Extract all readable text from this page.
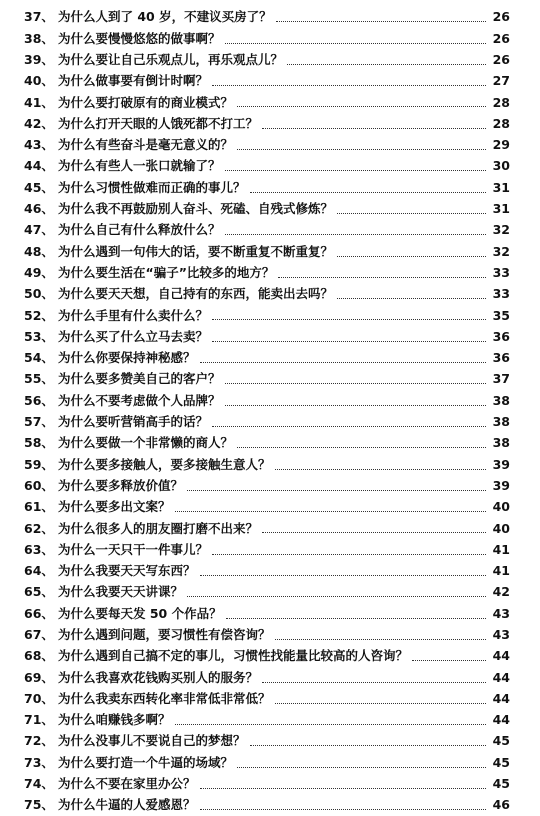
37、 为什么人到了 40 岁，不建议买房了？	26
38、 为什么要慢慢悠悠的做事啊？	26
39、 为什么要让自己乐观点儿，再乐观点儿？	26
40、 为什么做事要有倒计时啊？	27
41、 为什么要打破原有的商业模式？	28
42、 为什么打开天眼的人饿死都不打工？	28
43、 为什么有些奋斗是毫无意义的？	29
44、 为什么有些人一张口就输了？	30
45、 为什么习惯性做难而正确的事儿？	31
46、 为什么我不再鼓励别人奋斗、死磕、自残式修炼？	31
47、 为什么自己有什么释放什么？	32
48、 为什么遇到一句伟大的话，要不断重复不断重复？	32
49、 为什么要生活在“骗子”比较多的地方？	33
50、 为什么要天天想，自己持有的东西，能卖出去吗？	33
52、 为什么手里有什么卖什么？	35
53、 为什么买了什么立马去卖？	36
54、 为什么你要保持神秘感？	36
55、 为什么要多赞美自己的客户？	37
56、 为什么不要考虑做个人品牌？	38
57、 为什么要听营销高手的话？	38
58、 为什么要做一个非常懒的商人？	38
59、 为什么要多接触人，要多接触生意人？	39
60、 为什么要多释放价值？	39
61、 为什么要多出文案？	40
62、 为什么很多人的朋友圈打磨不出来？	40
63、 为什么一天只干一件事儿？	41
64、 为什么我要天天写东西？	41
65、 为什么我要天天讲课？	42
66、 为什么要每天发 50 个作品？	43
67、 为什么遇到问题，要习惯性有偿咨询？	43
68、 为什么遇到自己搞不定的事儿，习惯性找能量比较高的人咨询？	44
69、 为什么我喜欢花钱购买别人的服务？	44
70、 为什么我卖东西转化率非常低非常低？	44
71、 为什么咱赚钱多啊？	44
72、 为什么没事儿不要说自己的梦想？	45
73、 为什么要打造一个牛逼的场域？	45
74、 为什么不要在家里办公？	45
75、 为什么牛逼的人爱感恩？	46
